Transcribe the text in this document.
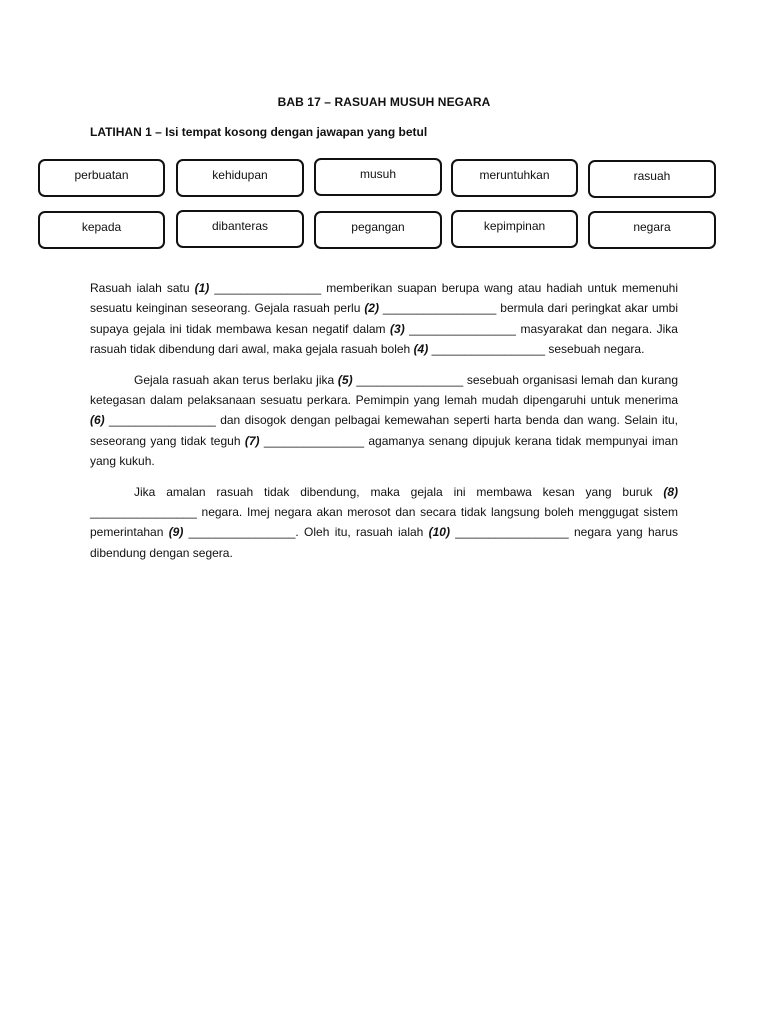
BAB 17 – RASUAH MUSUH NEGARA
LATIHAN 1 – Isi tempat kosong dengan jawapan yang betul
perbuatan	kehidupan	musuh	meruntuhkan	rasuah
kepada	dibanteras	pegangan	kepimpinan	negara

Rasuah ialah satu (1) ________________ memberikan suapan berupa wang atau hadiah untuk memenuhi sesuatu keinginan seseorang. Gejala rasuah perlu (2) _________________ bermula dari peringkat akar umbi supaya gejala ini tidak membawa kesan negatif dalam (3) ________________ masyarakat dan negara. Jika rasuah tidak dibendung dari awal, maka gejala rasuah boleh (4) _________________ sesebuah negara.

Gejala rasuah akan terus berlaku jika (5) ________________ sesebuah organisasi lemah dan kurang ketegasan dalam pelaksanaan sesuatu perkara. Pemimpin yang lemah mudah dipengaruhi untuk menerima (6) ________________ dan disogok dengan pelbagai kemewahan seperti harta benda dan wang. Selain itu, seseorang yang tidak teguh (7) _______________ agamanya senang dipujuk kerana tidak mempunyai iman yang kukuh.

Jika amalan rasuah tidak dibendung, maka gejala ini membawa kesan yang buruk (8) ________________ negara. Imej negara akan merosot dan secara tidak langsung boleh menggugat sistem pemerintahan (9) ________________. Oleh itu, rasuah ialah (10) _________________ negara yang harus dibendung dengan segera.
